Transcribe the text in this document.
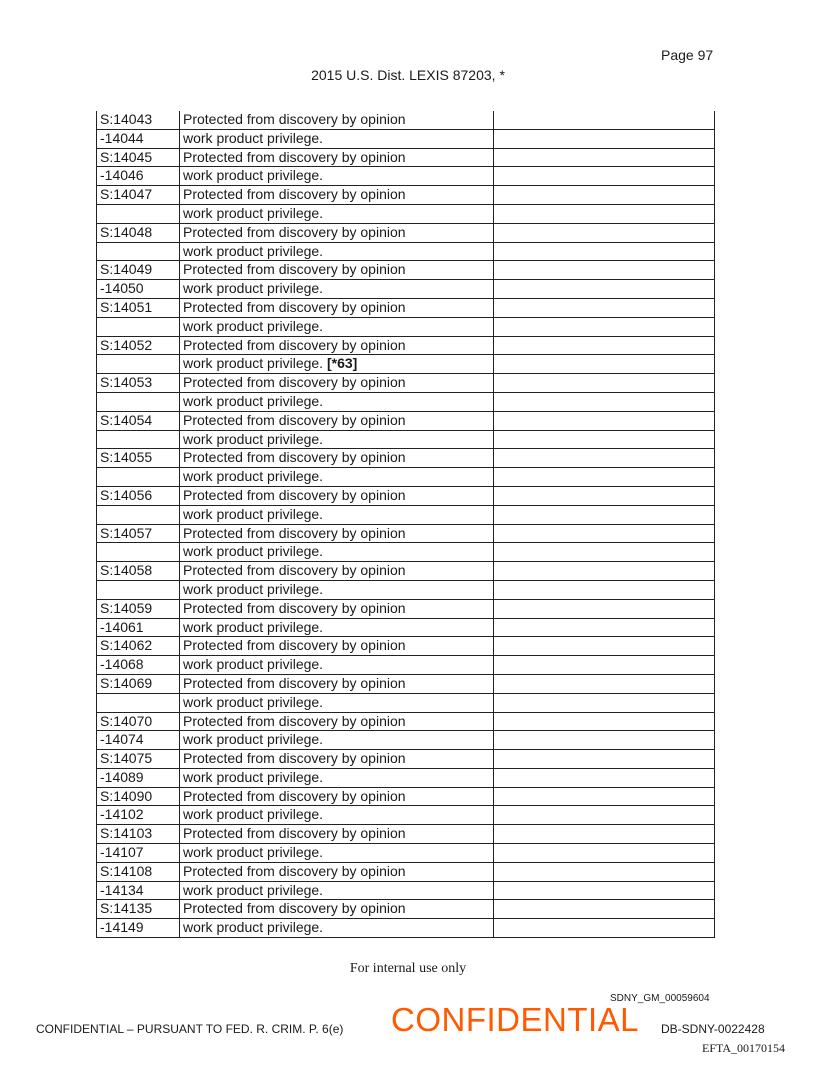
Page 97
2015 U.S. Dist. LEXIS 87203, *
S:14043	Protected from discovery by opinion	
-14044	work product privilege.	
S:14045	Protected from discovery by opinion	
-14046	work product privilege.	
S:14047	Protected from discovery by opinion	
	work product privilege.	
S:14048	Protected from discovery by opinion	
	work product privilege.	
S:14049	Protected from discovery by opinion	
-14050	work product privilege.	
S:14051	Protected from discovery by opinion	
	work product privilege.	
S:14052	Protected from discovery by opinion	
	work product privilege. [*63]	
S:14053	Protected from discovery by opinion	
	work product privilege.	
S:14054	Protected from discovery by opinion	
	work product privilege.	
S:14055	Protected from discovery by opinion	
	work product privilege.	
S:14056	Protected from discovery by opinion	
	work product privilege.	
S:14057	Protected from discovery by opinion	
	work product privilege.	
S:14058	Protected from discovery by opinion	
	work product privilege.	
S:14059	Protected from discovery by opinion	
-14061	work product privilege.	
S:14062	Protected from discovery by opinion	
-14068	work product privilege.	
S:14069	Protected from discovery by opinion	
	work product privilege.	
S:14070	Protected from discovery by opinion	
-14074	work product privilege.	
S:14075	Protected from discovery by opinion	
-14089	work product privilege.	
S:14090	Protected from discovery by opinion	
-14102	work product privilege.	
S:14103	Protected from discovery by opinion	
-14107	work product privilege.	
S:14108	Protected from discovery by opinion	
-14134	work product privilege.	
S:14135	Protected from discovery by opinion	
-14149	work product privilege.	
For internal use only
SDNY_GM_00059604
CONFIDENTIAL – PURSUANT TO FED. R. CRIM. P. 6(e) CONFIDENTIAL DB-SDNY-0022428
EFTA_00170154
